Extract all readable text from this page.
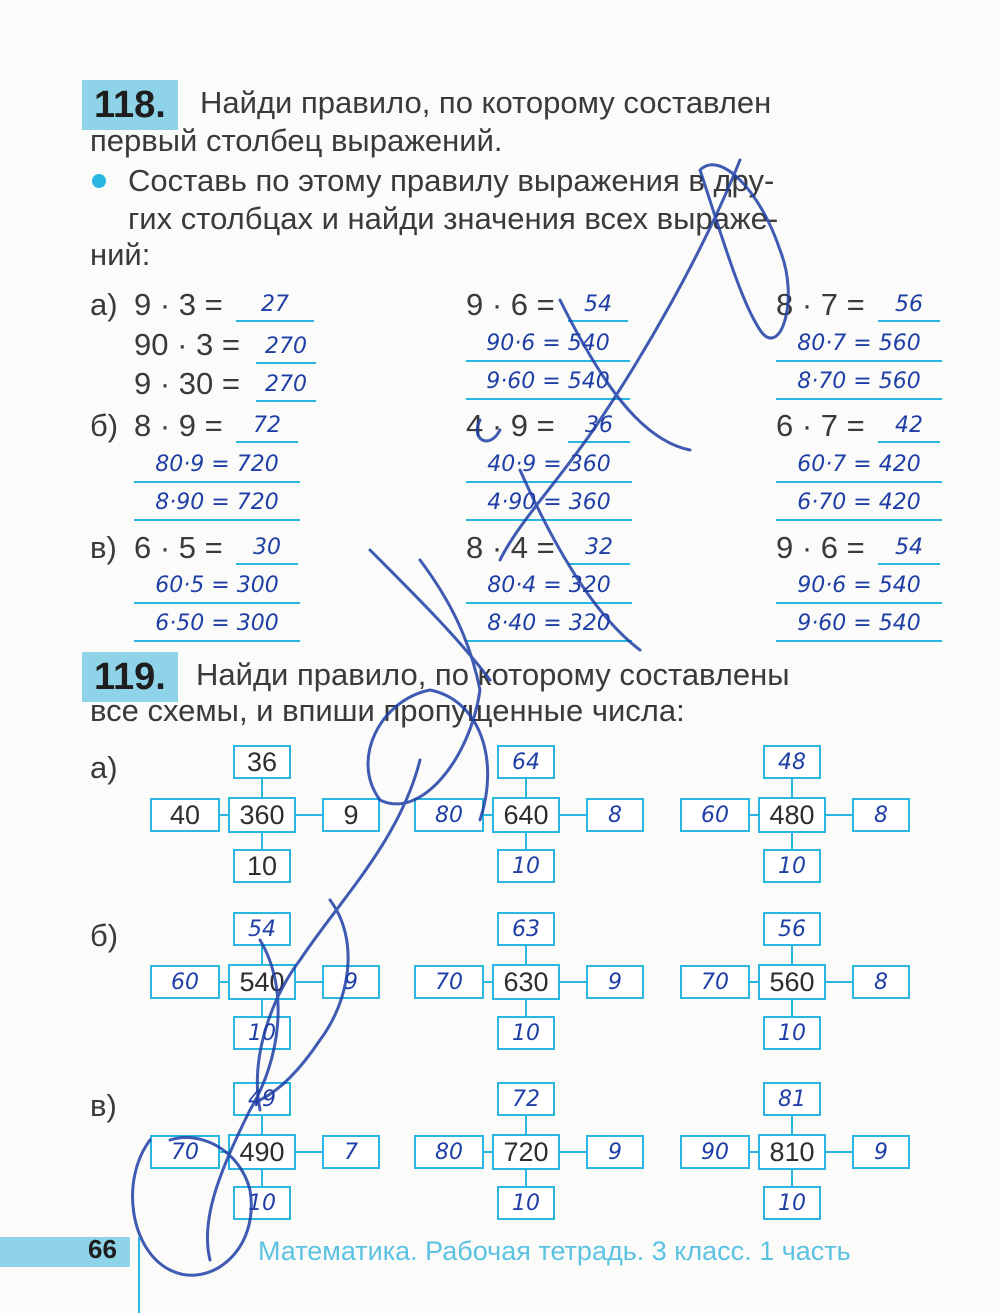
118.	Найди правило, по которому составлен
первый столбец выражений.
Составь по этому правилу выражения в дру-
гих столбцах и найди значения всех выраже-
ний:
а) 9 · 3 =	27
90 · 3 =	270
9 · 30 =	270
9 · 6 =	54
90·6 = 540
9·60 = 540
8 · 7 =	56
80·7 = 560
8·70 = 560
б) 8 · 9 =	72
80·9 = 720
8·90 = 720
4 · 9 =	36
40·9 = 360
4·90 = 360
6 · 7 =	42
60·7 = 420
6·70 = 420
в) 6 · 5 =	30
60·5 = 300
6·50 = 300
8 · 4 =	32
80·4 = 320
8·40 = 320
9 · 6 =	54
90·6 = 540
9·60 = 540
119. Найди правило, по которому составлены
все схемы, и впиши пропущенные числа:
а)
б)
в)
36
40	360	9
10
64
80	640	8
10
48
60	480	8
10
54
60	540	9
10
63
70	630	9
10
56
70	560	8
10
49
70	490	7
10
72
80	720	9
10
81
90	810	9
10
66	Математика. Рабочая тетрадь. 3 класс. 1 часть
